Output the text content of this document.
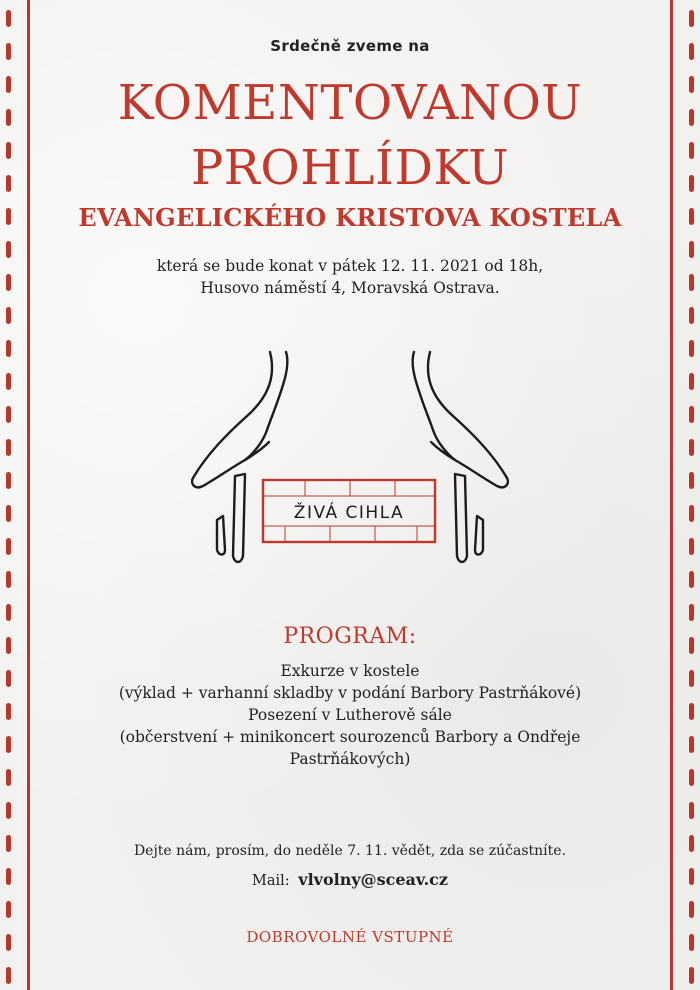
Srdečně zveme na
KOMENTOVANOU
PROHLÍDKU
EVANGELICKÉHO KRISTOVA KOSTELA
která se bude konat v pátek 12. 11. 2021 od 18h,
Husovo náměstí 4, Moravská Ostrava.
ŽIVÁ CIHLA
PROGRAM:
Exkurze v kostele
(výklad + varhanní skladby v podání Barbory Pastrňákové)
Posezení v Lutherově sále
(občerstvení + minikoncert sourozenců Barbory a Ondřeje
Pastrňákových)
Dejte nám, prosím, do neděle 7. 11. vědět, zda se zúčastníte.
Mail: vlvolny@sceav.cz
DOBROVOLNÉ VSTUPNÉ
